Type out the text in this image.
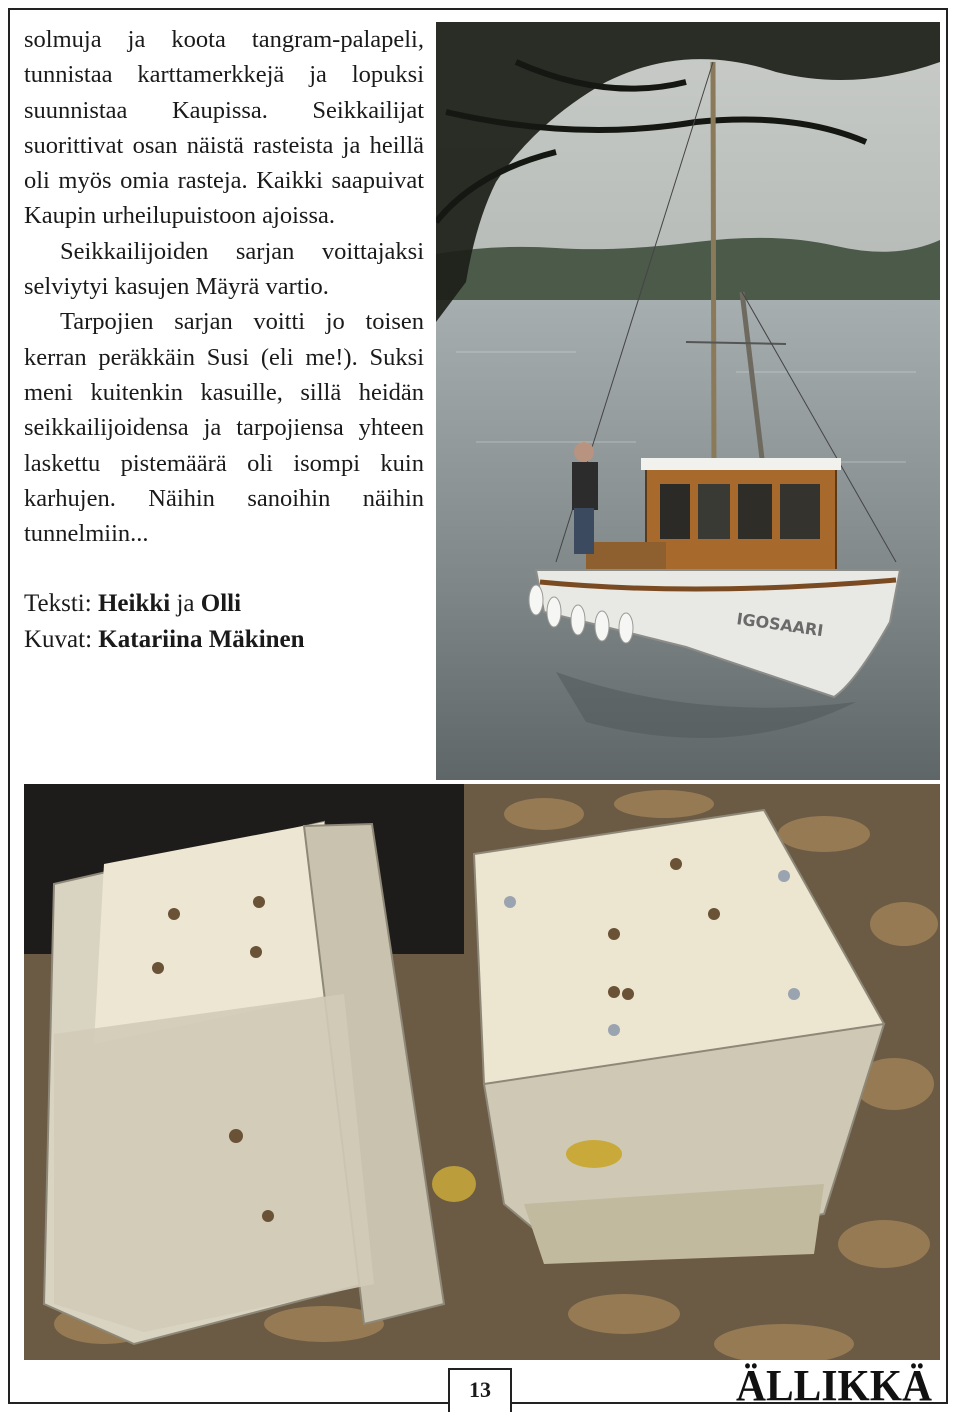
solmuja ja koota tangram-palapeli, tunnistaa karttamerkkejä ja lopuksi suunnistaa Kaupissa. Seikkailijat suorittivat osan näistä rasteista ja heillä oli myös omia rasteja. Kaikki saapuivat Kaupin urheilupuistoon ajoissa.

Seikkailijoiden sarjan voittajaksi selviytyi kasujen Mäyrä vartio.

Tarpojien sarjan voitti jo toisen kerran peräkkäin Susi (eli me!). Suksi meni kuitenkin kasuille, sillä heidän seikkailijoidensa ja tarpojiensa yhteen laskettu pistemäärä oli isompi kuin karhujen. Näihin sanoihin näihin tunnelmiin...

Teksti: Heikki ja Olli
Kuvat: Katariina Mäkinen	IGOSAARI
13	ÄLLIKKÄ
